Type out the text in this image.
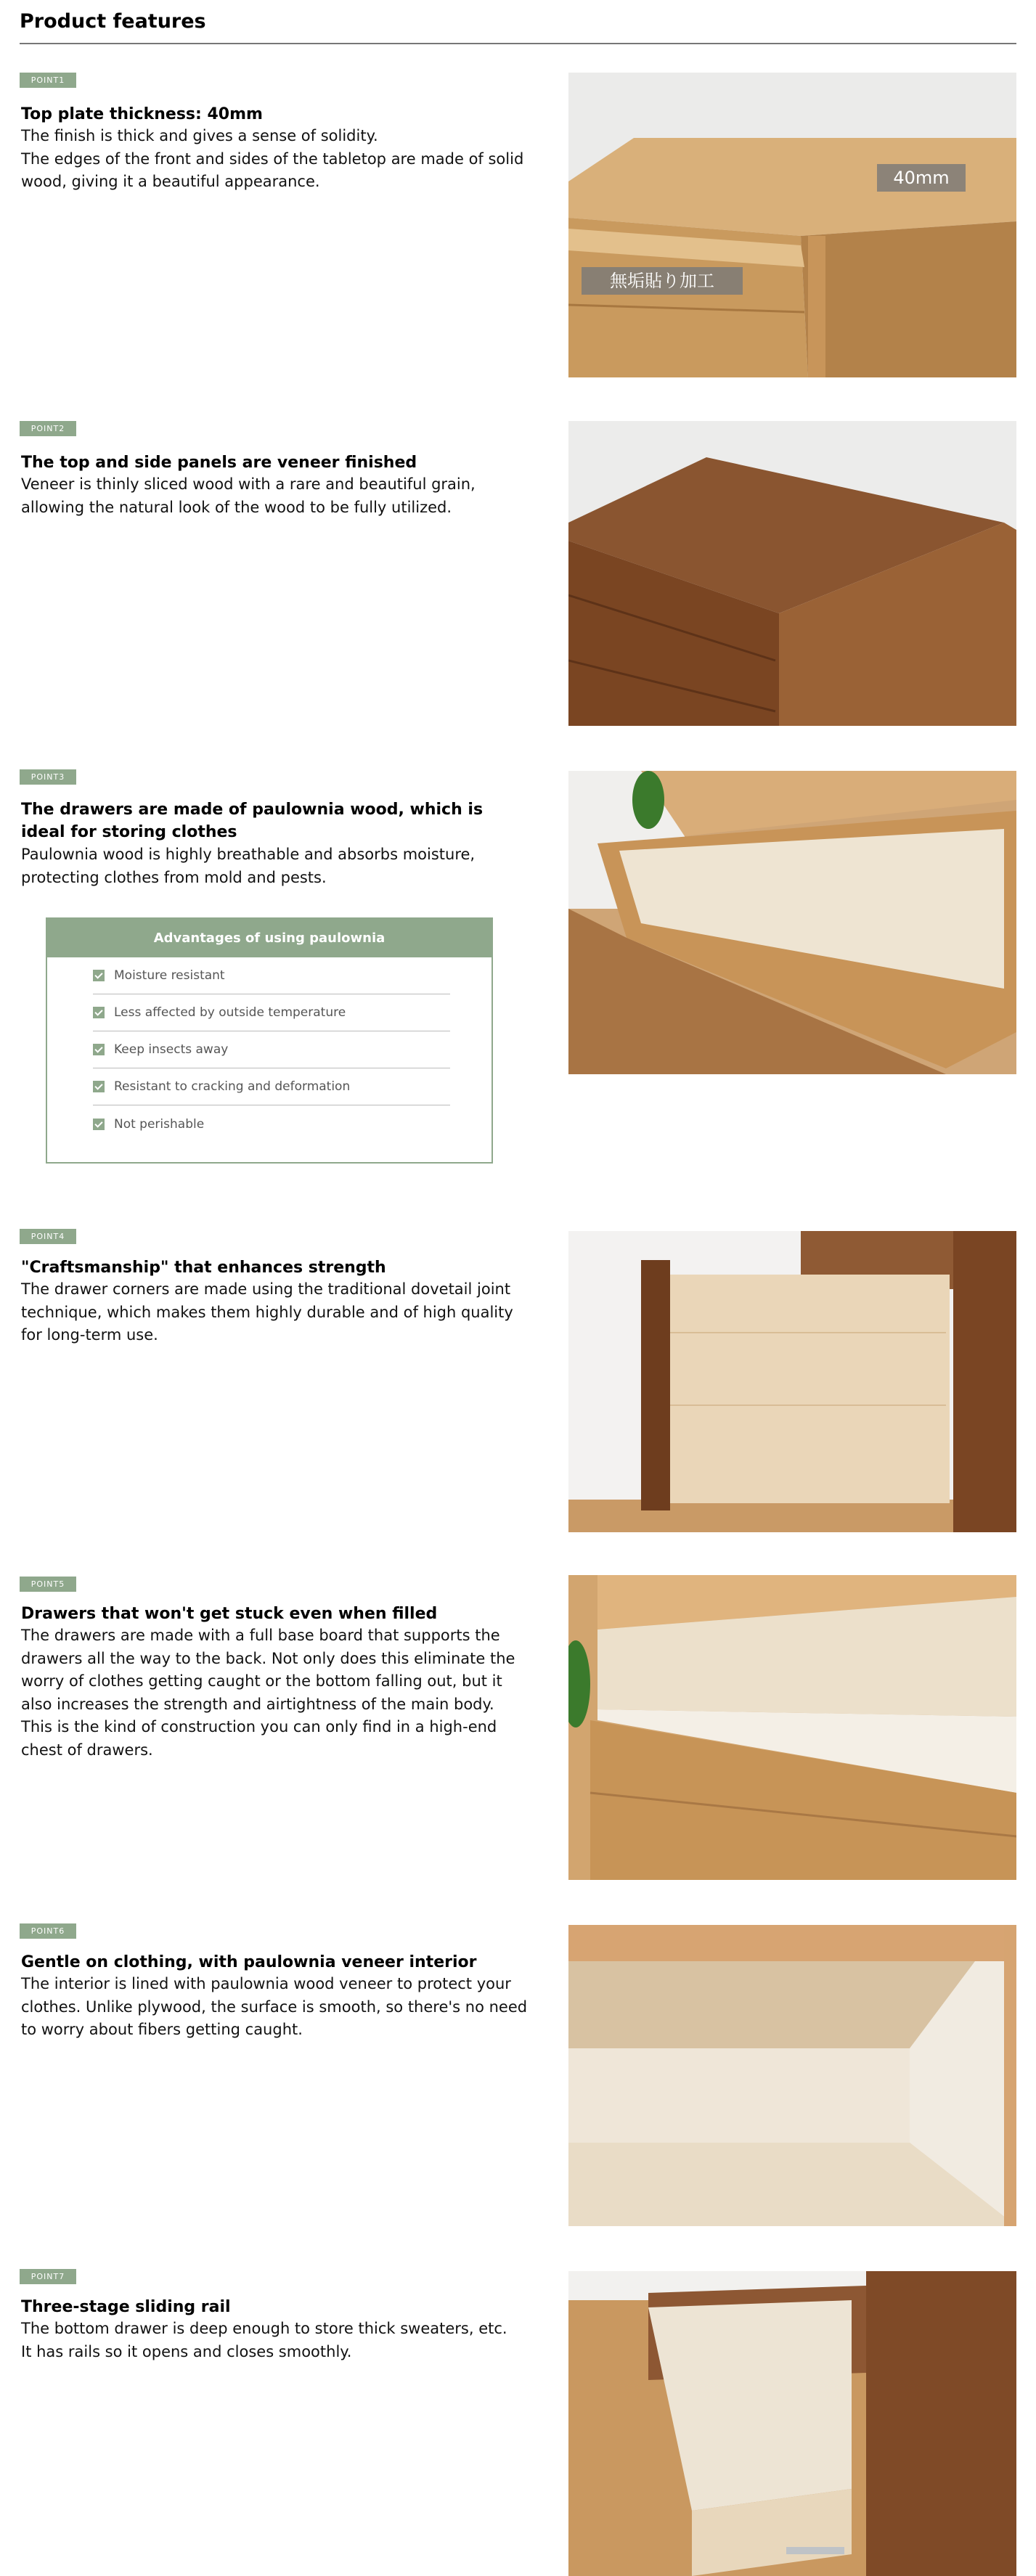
Product features
POINT1
Top plate thickness: 40mm
The finish is thick and gives a sense of solidity.
The edges of the front and sides of the tabletop are made of solid wood, giving it a beautiful appearance.	40mm
無垢貼り加工
POINT2
The top and side panels are veneer finished
Veneer is thinly sliced wood with a rare and beautiful grain, allowing the natural look of the wood to be fully utilized.
POINT3
The drawers are made of paulownia wood, which is ideal for storing clothes
Paulownia wood is highly breathable and absorbs moisture, protecting clothes from mold and pests.
Advantages of using paulownia
Moisture resistant
Less affected by outside temperature
Keep insects away
Resistant to cracking and deformation
Not perishable
POINT4
"Craftsmanship" that enhances strength
The drawer corners are made using the traditional dovetail joint technique, which makes them highly durable and of high quality for long-term use.
POINT5
Drawers that won't get stuck even when filled
The drawers are made with a full base board that supports the drawers all the way to the back. Not only does this eliminate the worry of clothes getting caught or the bottom falling out, but it also increases the strength and airtightness of the main body. This is the kind of construction you can only find in a high-end chest of drawers.
POINT6
Gentle on clothing, with paulownia veneer interior
The interior is lined with paulownia wood veneer to protect your clothes. Unlike plywood, the surface is smooth, so there's no need to worry about fibers getting caught.
POINT7
Three-stage sliding rail
The bottom drawer is deep enough to store thick sweaters, etc.
It has rails so it opens and closes smoothly.
